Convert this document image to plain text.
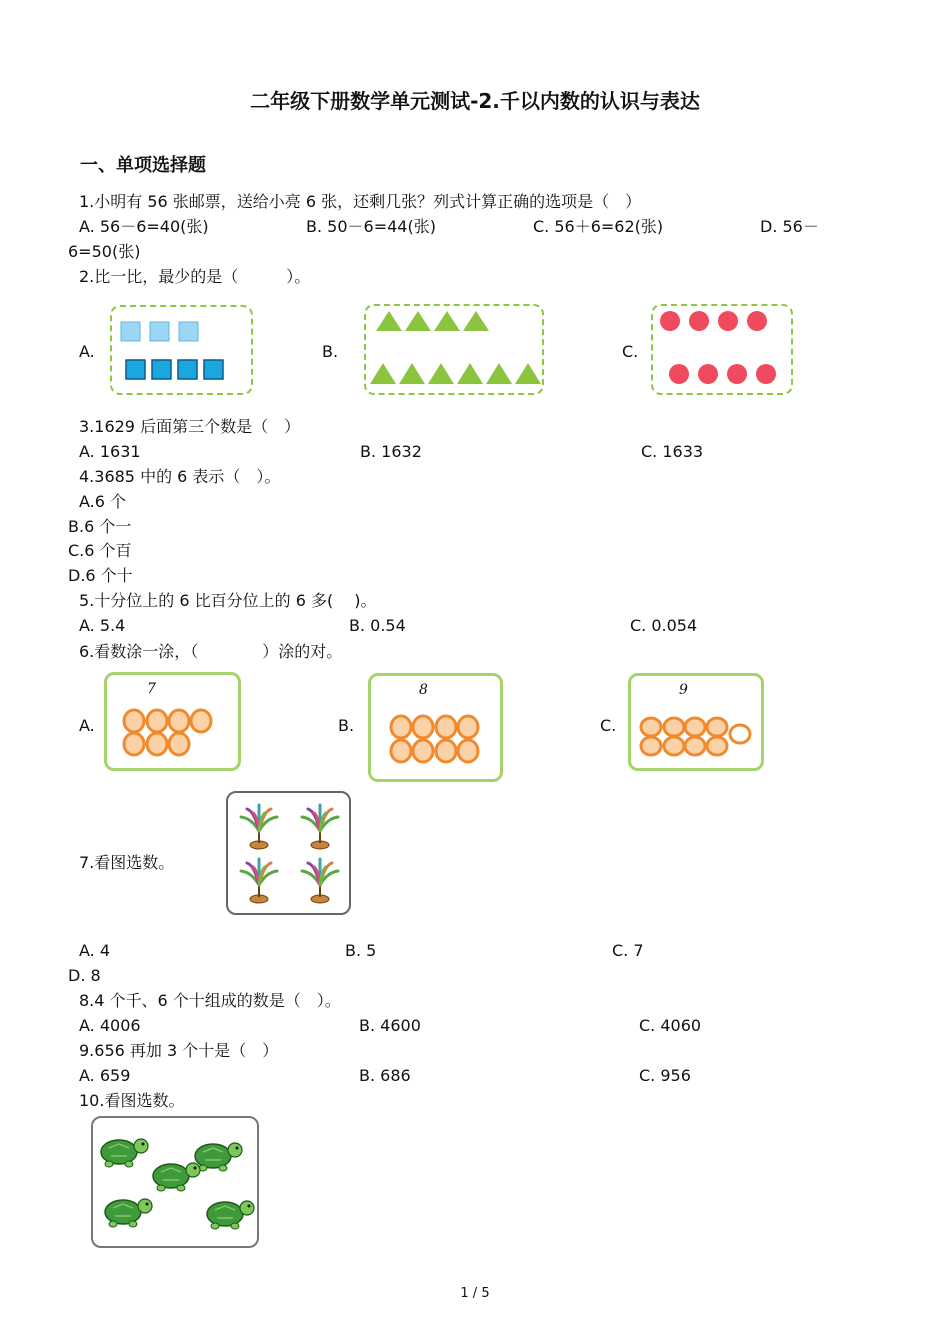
二年级下册数学单元测试-2.千以内数的认识与表达
一、单项选择题
1.小明有 56 张邮票，送给小亮 6 张，还剩几张？列式计算正确的选项是（　）
A. 56－6=40(张)	B. 50－6=44(张)	C. 56＋6=62(张)	D. 56－
6=50(张)
2.比一比，最少的是（　　　）。
A.	B.	C.
3.1629 后面第三个数是（　）
A. 1631	B. 1632	C. 1633
4.3685 中的 6 表示（　）。
A.6 个
B.6 个一
C.6 个百
D.6 个十
5.十分位上的 6 比百分位上的 6 多(　 )。
A. 5.4	B. 0.54	C. 0.054
6.看数涂一涂，（　　　　）涂的对。
A.	B.	C.
7	8	9
7.看图选数。
A. 4	B. 5	C. 7
D. 8
8.4 个千、6 个十组成的数是（　）。
A. 4006	B. 4600	C. 4060
9.656 再加 3 个十是（　）
A. 659	B. 686	C. 956
10.看图选数。
1 / 5
